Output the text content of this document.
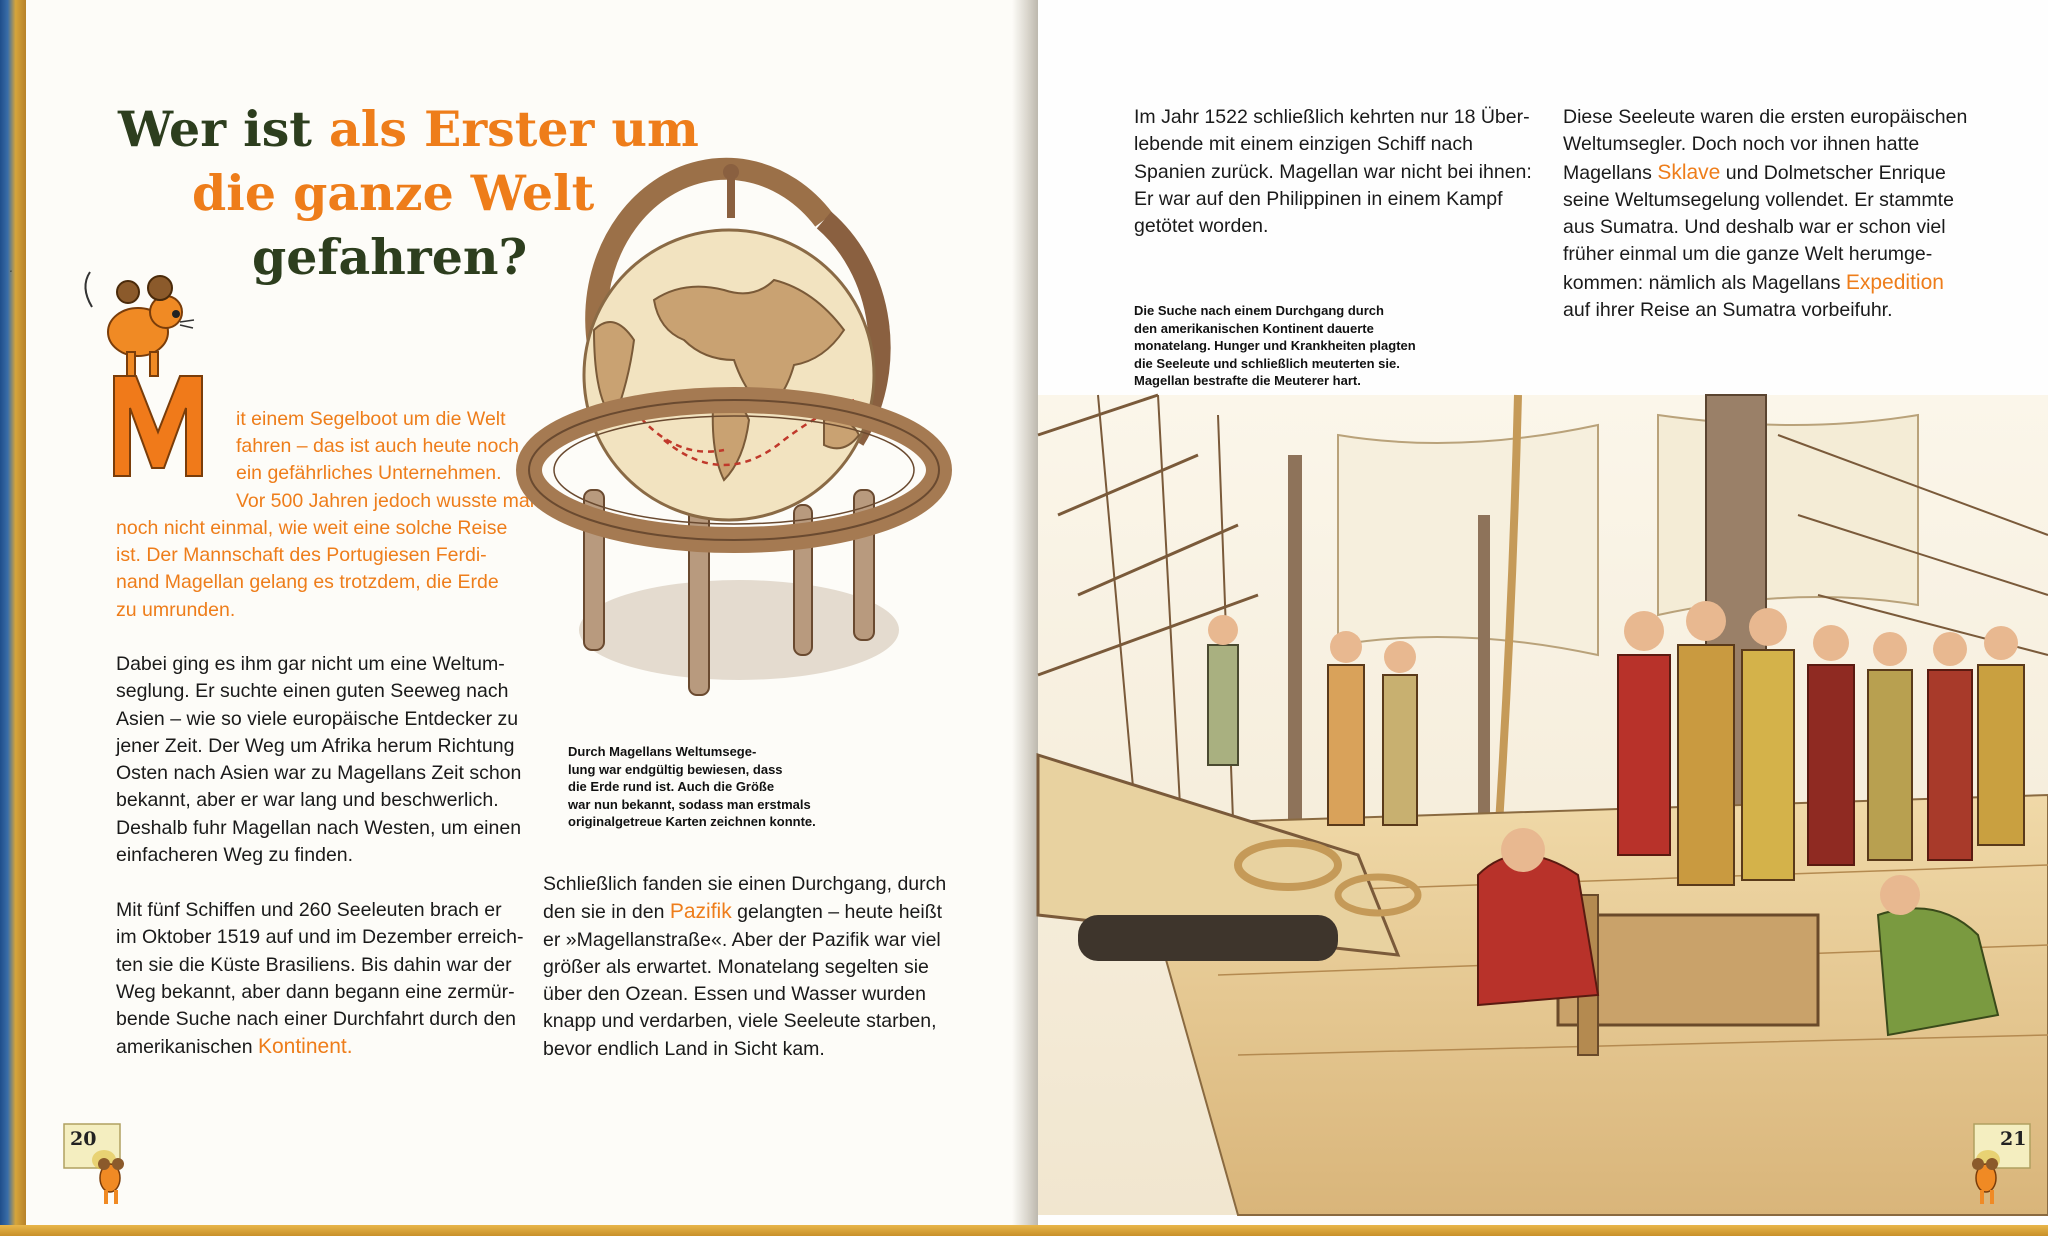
Wer ist als Erster um
die ganze Welt
gefahren?
M
it einem Segelboot um die Welt
fahren – das ist auch heute noch
ein gefährliches Unternehmen.
Vor 500 Jahren jedoch wusste man
noch nicht einmal, wie weit eine solche Reise
ist. Der Mannschaft des Portugiesen Ferdi-
nand Magellan gelang es trotzdem, die Erde
zu umrunden.
Dabei ging es ihm gar nicht um eine Weltum-
seglung. Er suchte einen guten Seeweg nach
Asien – wie so viele europäische Entdecker zu
jener Zeit. Der Weg um Afrika herum Richtung
Osten nach Asien war zu Magellans Zeit schon
bekannt, aber er war lang und beschwerlich.
Deshalb fuhr Magellan nach Westen, um einen
einfacheren Weg zu finden.
Mit fünf Schiffen und 260 Seeleuten brach er
im Oktober 1519 auf und im Dezember erreich-
ten sie die Küste Brasiliens. Bis dahin war der
Weg bekannt, aber dann begann eine zermür-
bende Suche nach einer Durchfahrt durch den
amerikanischen Kontinent.
Durch Magellans Weltumsege-
lung war endgültig bewiesen, dass
die Erde rund ist. Auch die Größe
war nun bekannt, sodass man erstmals
originalgetreue Karten zeichnen konnte.
Schließlich fanden sie einen Durchgang, durch
den sie in den Pazifik gelangten – heute heißt
er »Magellanstraße«. Aber der Pazifik war viel
größer als erwartet. Monatelang segelten sie
über den Ozean. Essen und Wasser wurden
knapp und verdarben, viele Seeleute starben,
bevor endlich Land in Sicht kam.
20
Im Jahr 1522 schließlich kehrten nur 18 Über-
lebende mit einem einzigen Schiff nach
Spanien zurück. Magellan war nicht bei ihnen:
Er war auf den Philippinen in einem Kampf
getötet worden.
Die Suche nach einem Durchgang durch
den amerikanischen Kontinent dauerte
monatelang. Hunger und Krankheiten plagten
die Seeleute und schließlich meuterten sie.
Magellan bestrafte die Meuterer hart.
Diese Seeleute waren die ersten europäischen
Weltumsegler. Doch noch vor ihnen hatte
Magellans Sklave und Dolmetscher Enrique
seine Weltumsegelung vollendet. Er stammte
aus Sumatra. Und deshalb war er schon viel
früher einmal um die ganze Welt herumge-
kommen: nämlich als Magellans Expedition
auf ihrer Reise an Sumatra vorbeifuhr.
21
